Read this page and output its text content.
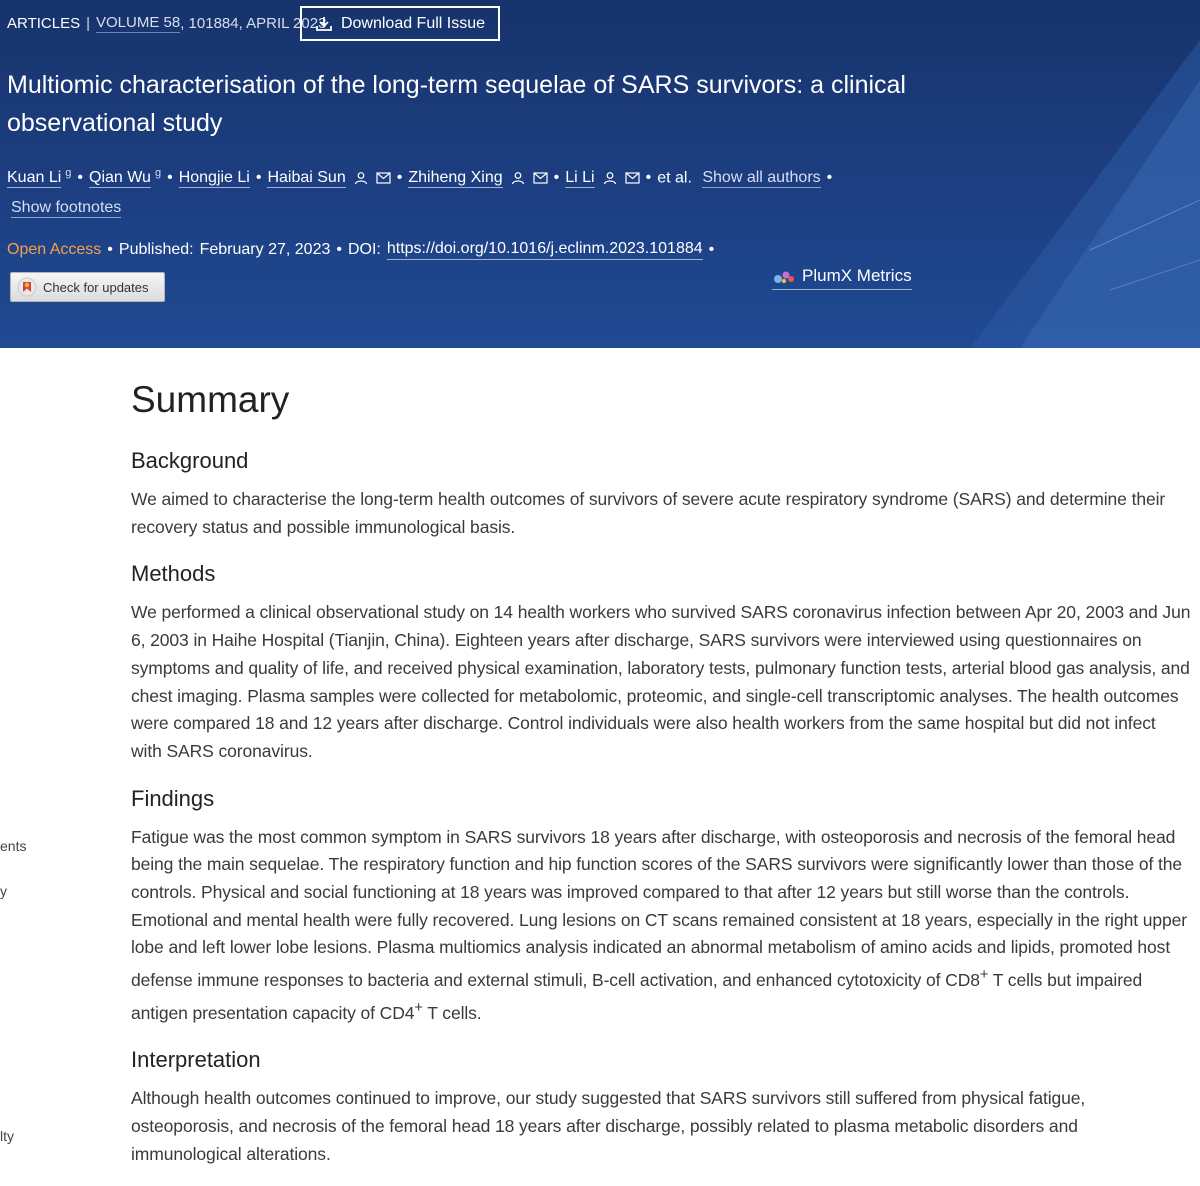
ARTICLES | VOLUME 58 , 101884, APRIL 2023 Download Full Issue
Multiomic characterisation of the long-term sequelae of SARS survivors: a clinical observational study
Kuan Li $^g$ • Qian Wu $^g$ • Hongjie Li • Haibai Sun	• Zhiheng Xing	• Li Li	• et al. Show all authors •
Show footnotes
Open Access • Published: February 27, 2023 • DOI: https://doi.org/10.1016/j.eclinm.2023.101884 •
Check for updates
PlumX Metrics
ents
y
lty
Summary
Background

We aimed to characterise the long-term health outcomes of survivors of severe acute respiratory syndrome (SARS) and determine their recovery status and possible immunological basis.

Methods

We performed a clinical observational study on 14 health workers who survived SARS coronavirus infection between Apr 20, 2003 and Jun 6, 2003 in Haihe Hospital (Tianjin, China). Eighteen years after discharge, SARS survivors were interviewed using questionnaires on symptoms and quality of life, and received physical examination, laboratory tests, pulmonary function tests, arterial blood gas analysis, and chest imaging. Plasma samples were collected for metabolomic, proteomic, and single-cell transcriptomic analyses. The health outcomes were compared 18 and 12 years after discharge. Control individuals were also health workers from the same hospital but did not infect with SARS coronavirus.

Findings

Fatigue was the most common symptom in SARS survivors 18 years after discharge, with osteoporosis and necrosis of the femoral head being the main sequelae. The respiratory function and hip function scores of the SARS survivors were significantly lower than those of the controls. Physical and social functioning at 18 years was improved compared to that after 12 years but still worse than the controls. Emotional and mental health were fully recovered. Lung lesions on CT scans remained consistent at 18 years, especially in the right upper lobe and left lower lobe lesions. Plasma multiomics analysis indicated an abnormal metabolism of amino acids and lipids, promoted host defense immune responses to bacteria and external stimuli, B-cell activation, and enhanced cytotoxicity of CD8+ T cells but impaired antigen presentation capacity of CD4+ T cells.

Interpretation

Although health outcomes continued to improve, our study suggested that SARS survivors still suffered from physical fatigue, osteoporosis, and necrosis of the femoral head 18 years after discharge, possibly related to plasma metabolic disorders and immunological alterations.
